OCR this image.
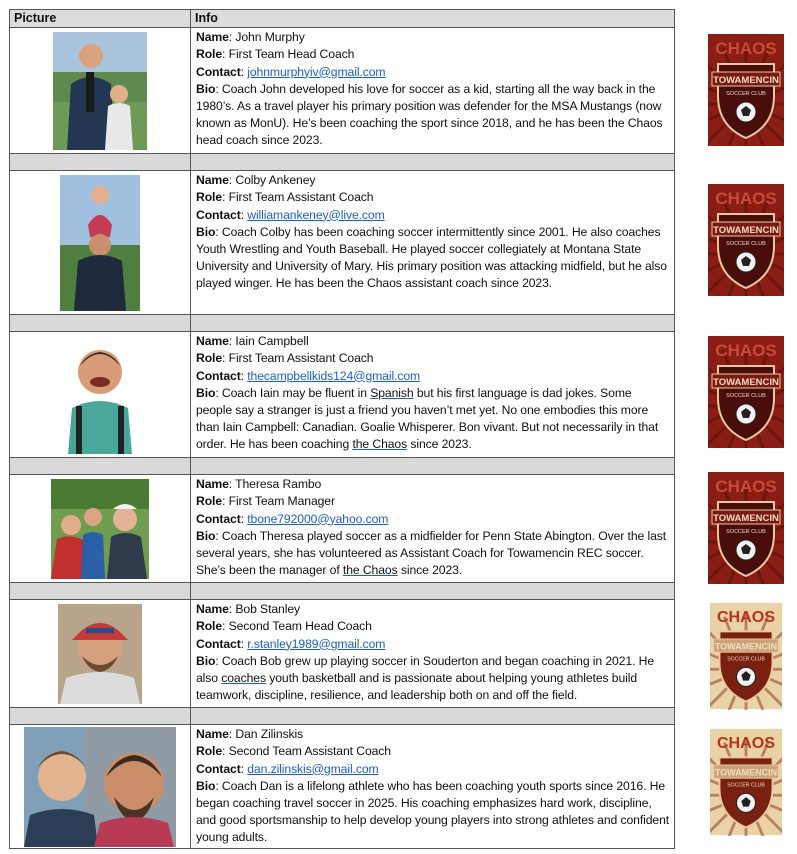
Picture	Info

Name: John Murphy
Role: First Team Head Coach
Contact: johnmurphyiv@gmail.com
Bio: Coach John developed his love for soccer as a kid, starting all the way back in the 1980’s. As a travel player his primary position was defender for the MSA Mustangs (now known as MonU). He’s been coaching the sport since 2018, and he has been the Chaos head coach since 2023.

Name: Colby Ankeney
Role: First Team Assistant Coach
Contact: williamankeney@live.com
Bio: Coach Colby has been coaching soccer intermittently since 2001. He also coaches Youth Wrestling and Youth Baseball. He played soccer collegiately at Montana State University and University of Mary. His primary position was attacking midfield, but he also played winger. He has been the Chaos assistant coach since 2023.

Name: Iain Campbell
Role: First Team Assistant Coach
Contact: thecampbellkids124@gmail.com
Bio: Coach Iain may be fluent in Spanish but his first language is dad jokes. Some people say a stranger is just a friend you haven’t met yet. No one embodies this more than Iain Campbell: Canadian. Goalie Whisperer. Bon vivant. But not necessarily in that order. He has been coaching the Chaos since 2023.

Name: Theresa Rambo
Role: First Team Manager
Contact: tbone792000@yahoo.com
Bio: Coach Theresa played soccer as a midfielder for Penn State Abington. Over the last several years, she has volunteered as Assistant Coach for Towamencin REC soccer. She’s been the manager of the Chaos since 2023.

Name: Bob Stanley
Role: Second Team Head Coach
Contact: r.stanley1989@gmail.com
Bio: Coach Bob grew up playing soccer in Souderton and began coaching in 2021. He also coaches youth basketball and is passionate about helping young athletes build teamwork, discipline, resilience, and leadership both on and off the field.

Name: Dan Zilinskis
Role: Second Team Assistant Coach
Contact: dan.zilinskis@gmail.com
Bio: Coach Dan is a lifelong athlete who has been coaching youth sports since 2016. He began coaching travel soccer in 2025. His coaching emphasizes hard work, discipline, and good sportsmanship to help develop young players into strong athletes and confident young adults.
CHAOS
TOWAMENCIN
SOCCER CLUB
CHAOS
TOWAMENCIN
SOCCER CLUB
CHAOS
TOWAMENCIN
SOCCER CLUB
CHAOS
TOWAMENCIN
SOCCER CLUB
CHAOS
TOWAMENCIN
SOCCER CLUB
CHAOS
TOWAMENCIN
SOCCER CLUB
